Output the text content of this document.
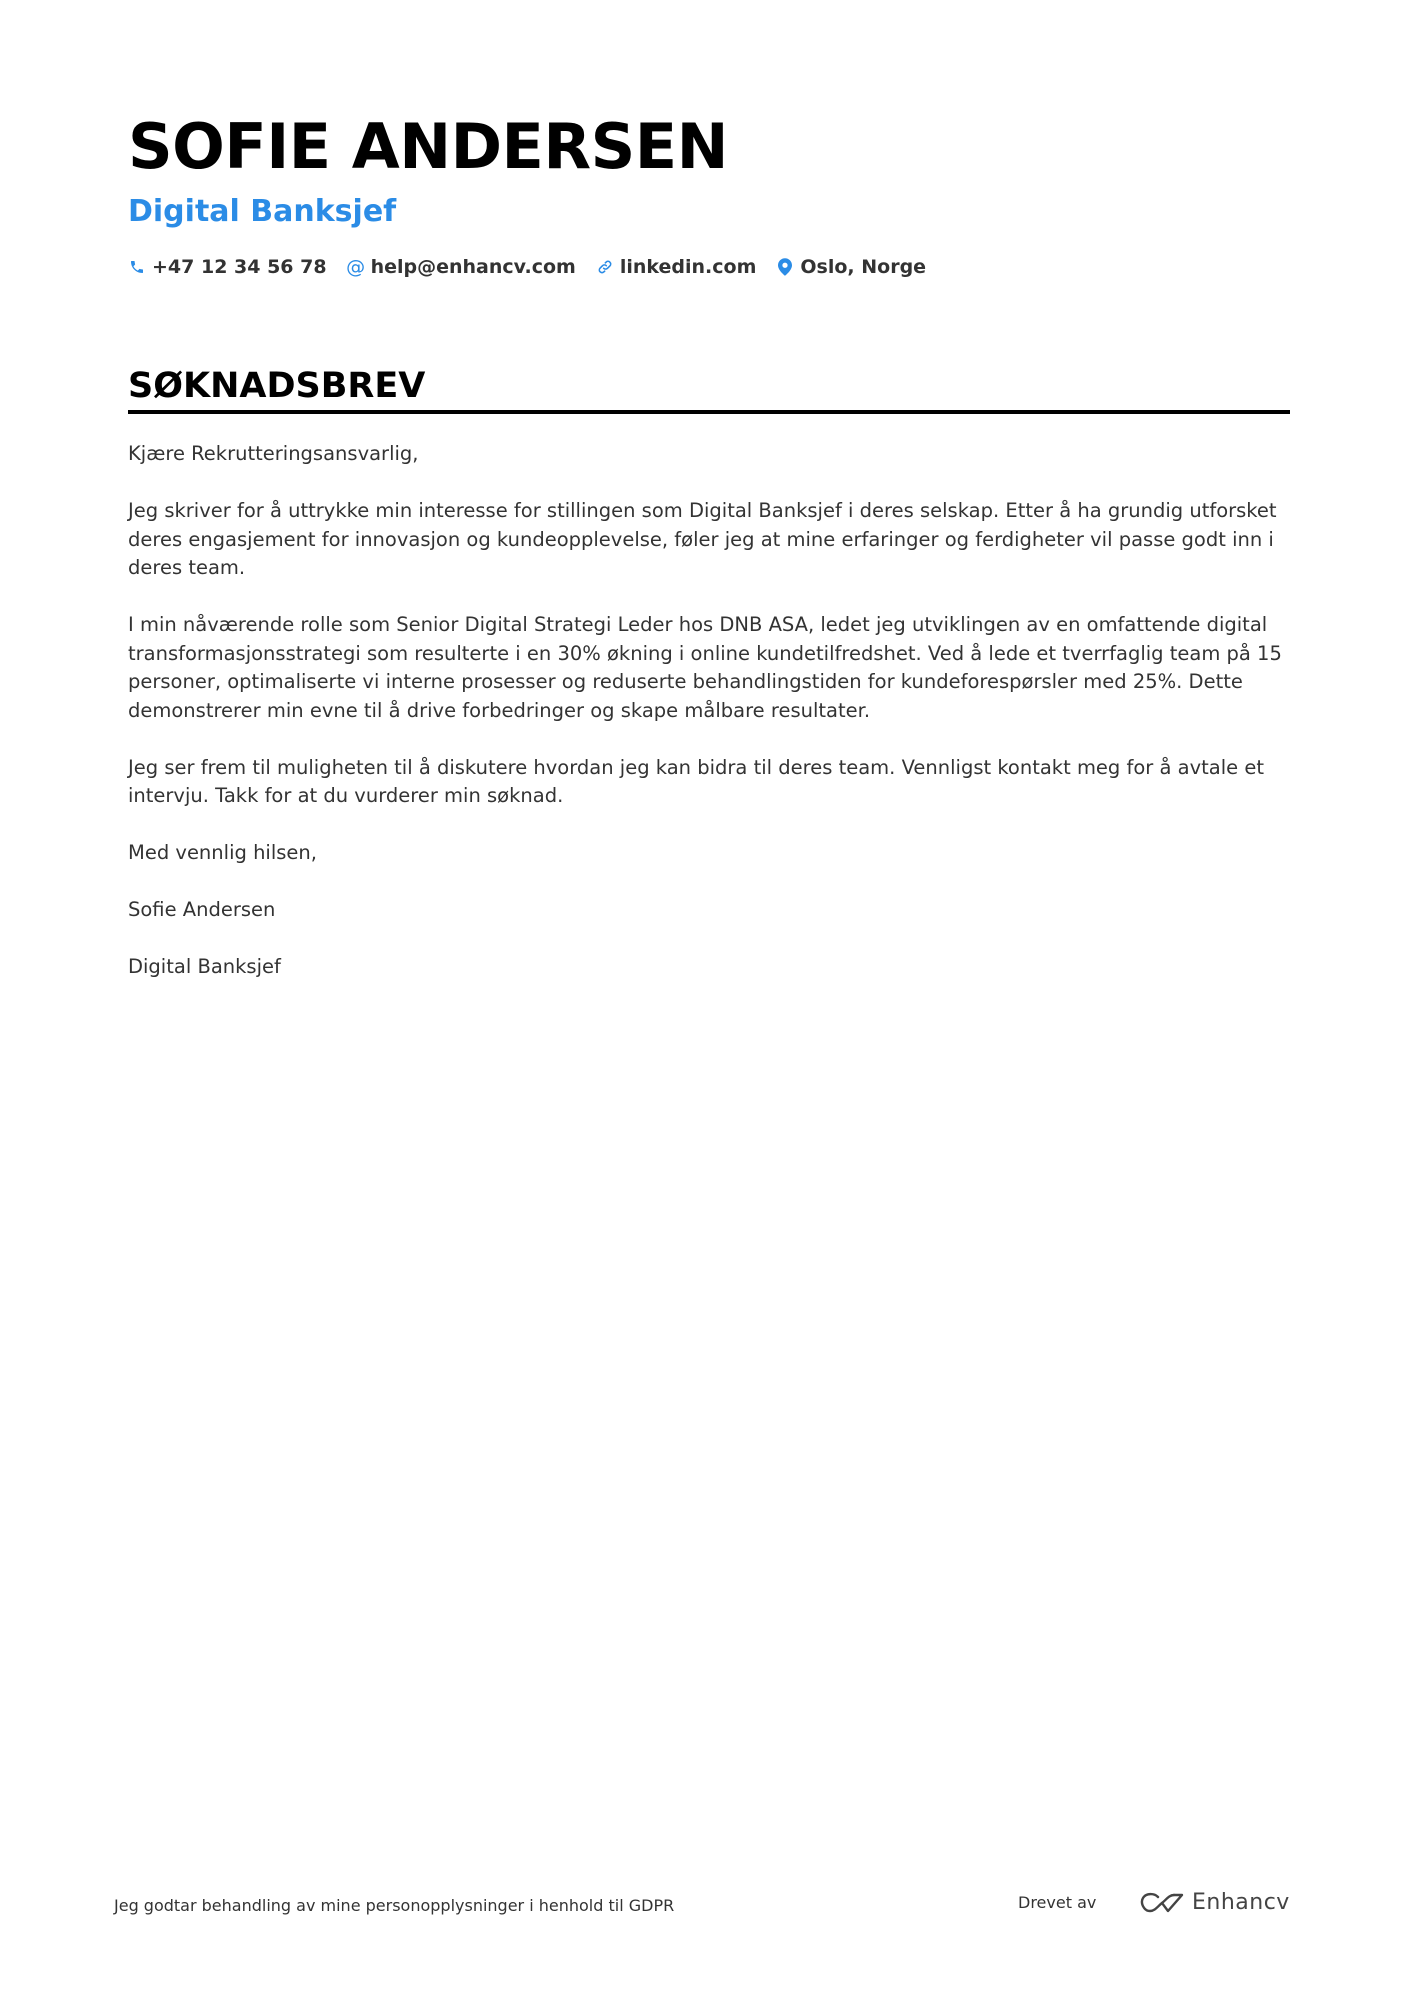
SOFIE ANDERSEN
Digital Banksjef
+47 12 34 56 78 @ help@enhancv.com linkedin.com Oslo, Norge
SØKNADSBREV

Kjære Rekrutteringsansvarlig,

Jeg skriver for å uttrykke min interesse for stillingen som Digital Banksjef i deres selskap. Etter å ha grundig utforsket deres engasjement for innovasjon og kundeopplevelse, føler jeg at mine erfaringer og ferdigheter vil passe godt inn i deres team.

I min nåværende rolle som Senior Digital Strategi Leder hos DNB ASA, ledet jeg utviklingen av en omfattende digital transformasjonsstrategi som resulterte i en 30% økning i online kundetilfredshet. Ved å lede et tverrfaglig team på 15 personer, optimaliserte vi interne prosesser og reduserte behandlingstiden for kundeforespørsler med 25%. Dette demonstrerer min evne til å drive forbedringer og skape målbare resultater.

Jeg ser frem til muligheten til å diskutere hvordan jeg kan bidra til deres team. Vennligst kontakt meg for å avtale et intervju. Takk for at du vurderer min søknad.

Med vennlig hilsen,

Sofie Andersen

Digital Banksjef

Jeg godtar behandling av mine personopplysninger i henhold til GDPR	Drevet av	Enhancv
